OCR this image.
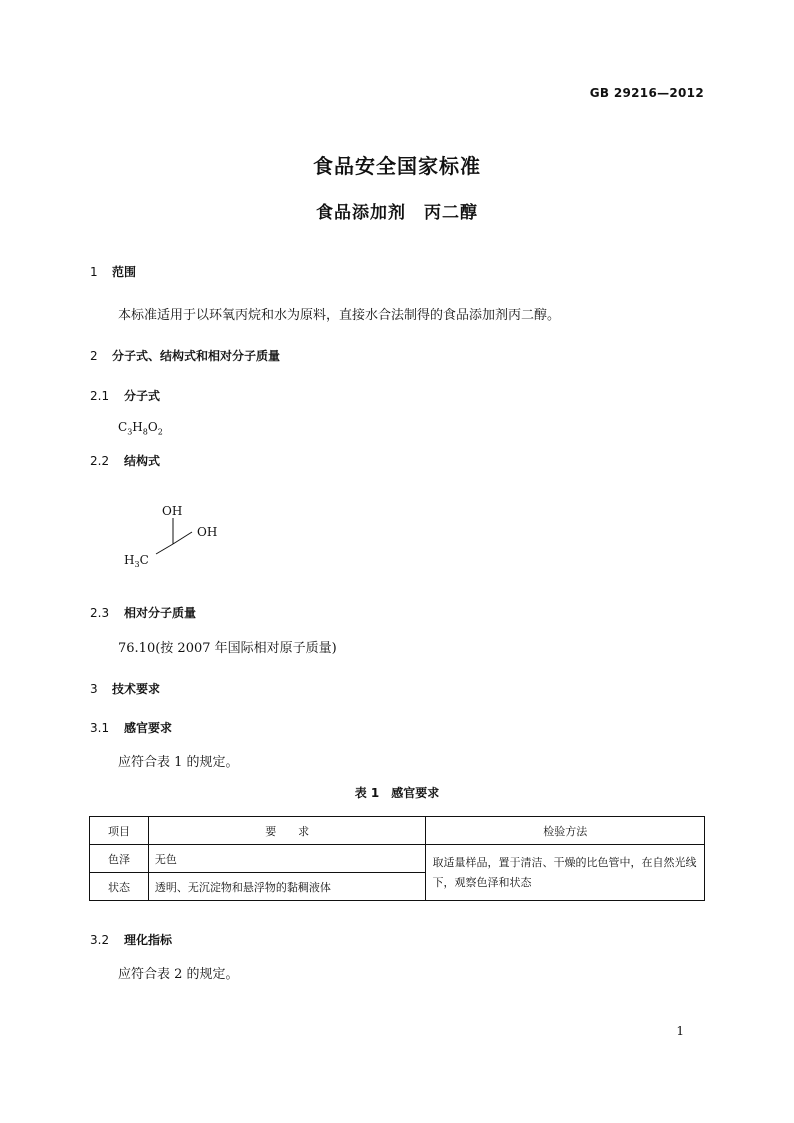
GB 29216—2012
食品安全国家标准
食品添加剂　丙二醇
1 范围
本标准适用于以环氧丙烷和水为原料，直接水合法制得的食品添加剂丙二醇。
2 分子式、结构式和相对分子质量
2.1 分子式
$C_3H_8O_2$
2.2 结构式
OH
OH
$H_3C$
2.3 相对分子质量
76.10(按 2007 年国际相对原子质量)
3 技术要求
3.1 感官要求
应符合表 1 的规定。
表 1　感官要求
项目	要　　求	检验方法
色泽	无色	取适量样品，置于清洁、干燥的比色管中，在自然光线下，观察色泽和状态
状态	透明、无沉淀物和悬浮物的黏稠液体	
3.2 理化指标
应符合表 2 的规定。
1
